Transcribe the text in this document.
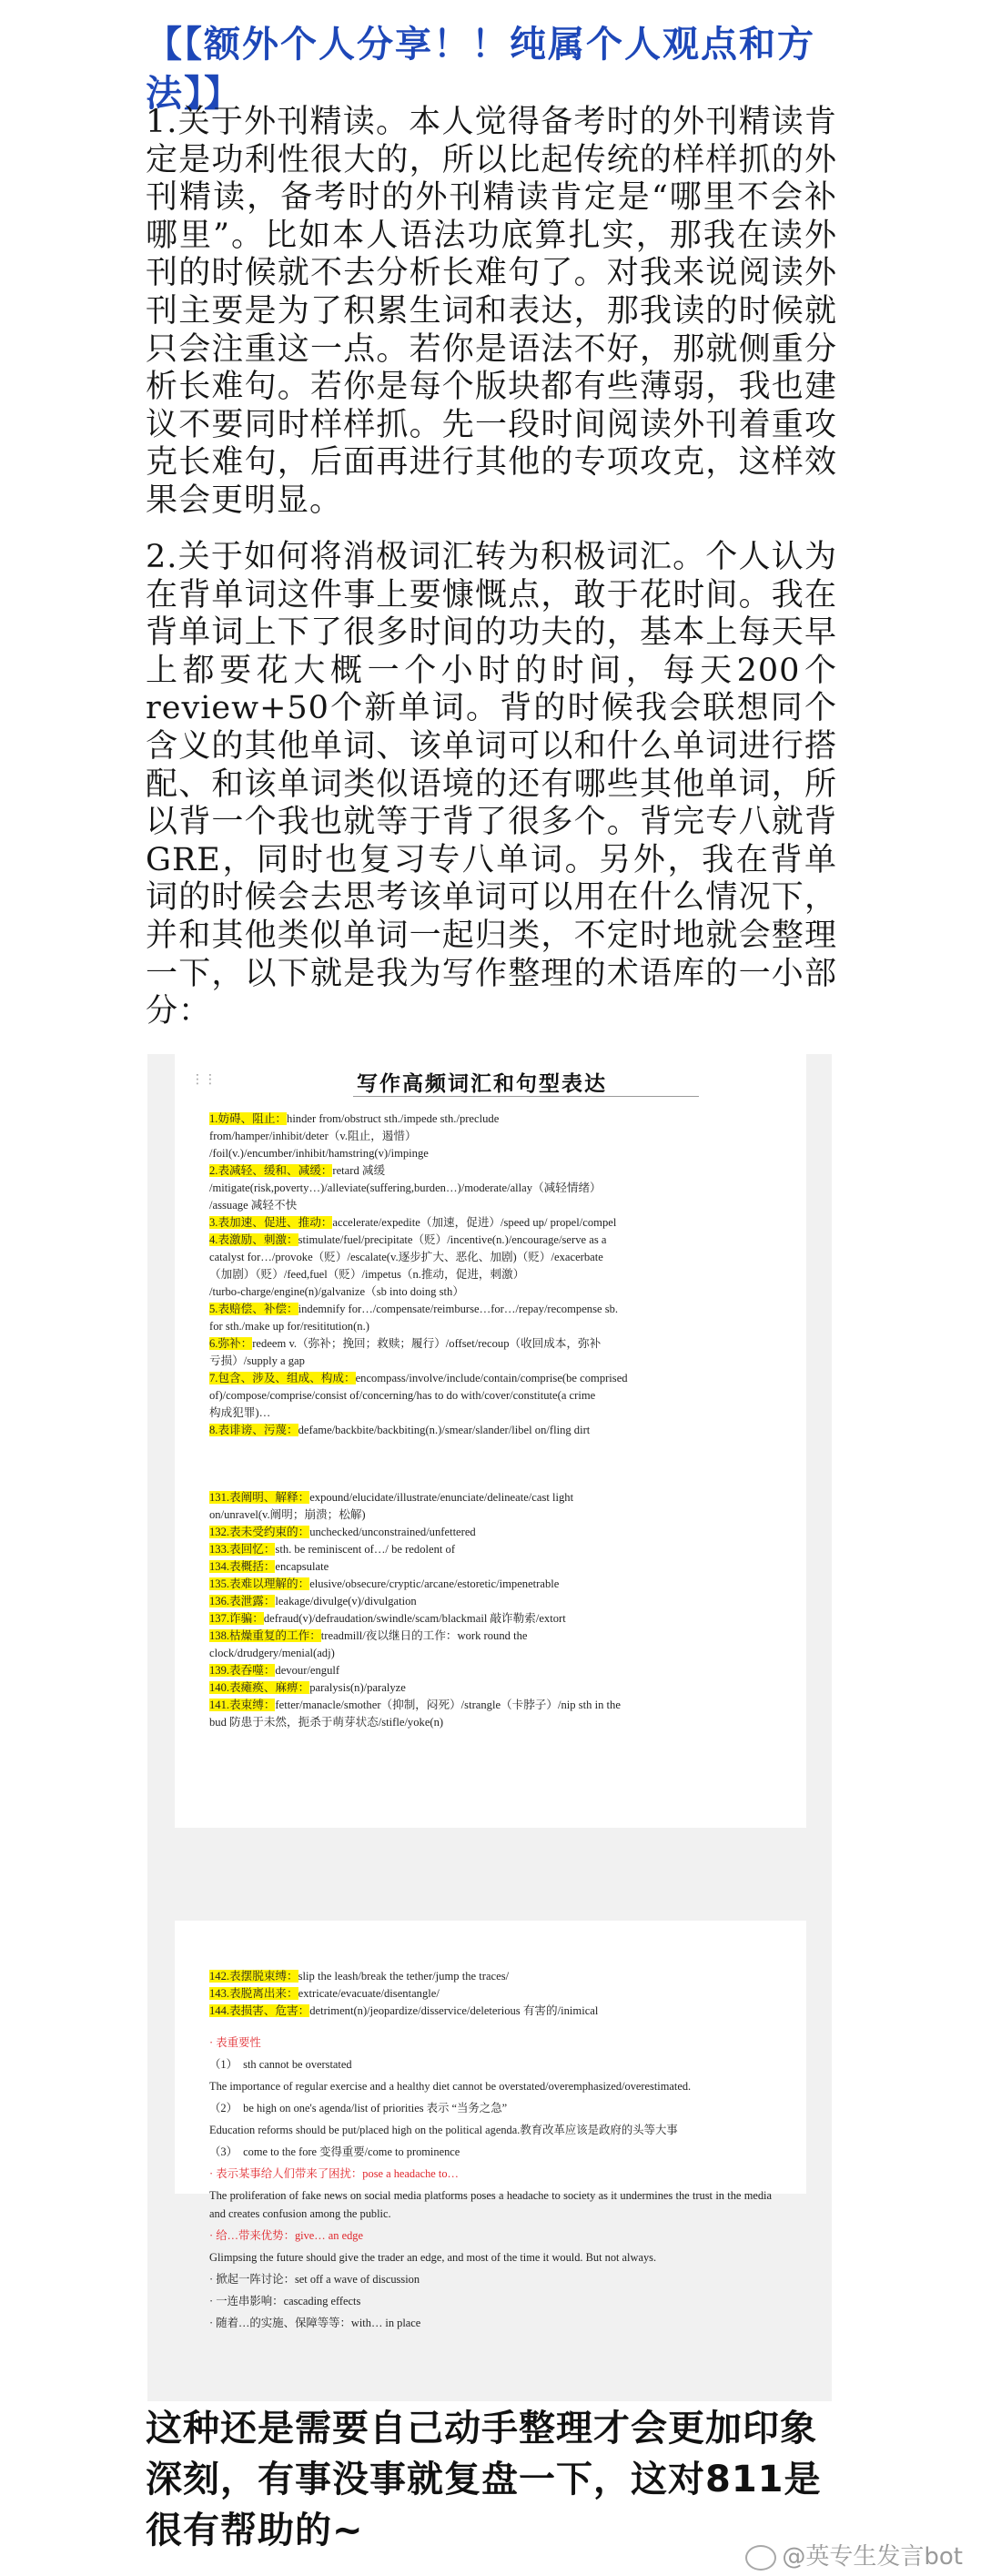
【【额外个人分享！！纯属个人观点和方法】】
1.关于外刊精读。本人觉得备考时的外刊精读肯定是功利性很大的，所以比起传统的样样抓的外刊精读，备考时的外刊精读肯定是“哪里不会补哪里”。比如本人语法功底算扎实，那我在读外刊的时候就不去分析长难句了。对我来说阅读外刊主要是为了积累生词和表达，那我读的时候就只会注重这一点。若你是语法不好，那就侧重分析长难句。若你是每个版块都有些薄弱，我也建议不要同时样样抓。先一段时间阅读外刊着重攻克长难句，后面再进行其他的专项攻克，这样效果会更明显。
2.关于如何将消极词汇转为积极词汇。个人认为在背单词这件事上要慷慨点，敢于花时间。我在背单词上下了很多时间的功夫的，基本上每天早上都要花大概一个小时的时间，每天200个review+50个新单词。背的时候我会联想同个含义的其他单词、该单词可以和什么单词进行搭配、和该单词类似语境的还有哪些其他单词，所以背一个我也就等于背了很多个。背完专八就背GRE，同时也复习专八单词。另外，我在背单词的时候会去思考该单词可以用在什么情况下，并和其他类似单词一起归类，不定时地就会整理一下，以下就是我为写作整理的术语库的一小部分：
⋮⋮	写作高频词汇和句型表达
1.妨碍、阻止：hinder from/obstruct sth./impede sth./preclude
from/hamper/inhibit/deter（v.阻止，遏惜）
/foil(v.)/encumber/inhibit/hamstring(v)/impinge
2.表减轻、缓和、减缓：retard 减缓
/mitigate(risk,poverty…)/alleviate(suffering,burden…)/moderate/allay（减轻情绪）
/assuage 减轻不快
3.表加速、促进、推动：accelerate/expedite（加速，促进）/speed up/ propel/compel
4.表激励、刺激：stimulate/fuel/precipitate（贬）/incentive(n.)/encourage/serve as a
catalyst for…/provoke（贬）/escalate(v.逐步扩大、恶化、加剧)（贬）/exacerbate
（加剧）（贬）/feed,fuel（贬）/impetus（n.推动，促进，刺激）
/turbo-charge/engine(n)/galvanize（sb into doing sth）
5.表赔偿、补偿：indemnify for…/compensate/reimburse…for…/repay/recompense sb.
for sth./make up for/resititution(n.)
6.弥补：redeem v.（弥补；挽回；救赎；履行）/offset/recoup（收回成本，弥补
亏损）/supply a gap
7.包含、涉及、组成、构成：encompass/involve/include/contain/comprise(be comprised
of)/compose/comprise/consist of/concerning/has to do with/cover/constitute(a crime
构成犯罪)…
8.表诽谤、污蔑：defame/backbite/backbiting(n.)/smear/slander/libel on/fling dirt
131.表阐明、解释：expound/elucidate/illustrate/enunciate/delineate/cast light
on/unravel(v.阐明；崩溃；松解)
132.表未受约束的：unchecked/unconstrained/unfettered
133.表回忆：sth. be reminiscent of…/ be redolent of
134.表概括：encapsulate
135.表难以理解的：elusive/obsecure/cryptic/arcane/estoretic/impenetrable
136.表泄露：leakage/divulge(v)/divulgation
137.诈骗：defraud(v)/defraudation/swindle/scam/blackmail 敲诈勒索/extort
138.枯燥重复的工作：treadmill/夜以继日的工作：work round the
clock/drudgery/menial(adj)
139.表吞噬：devour/engulf
140.表瘫痪、麻痹：paralysis(n)/paralyze
141.表束缚：fetter/manacle/smother（抑制，闷死）/strangle（卡脖子）/nip sth in the
bud 防患于未然，扼杀于萌芽状态/stifle/yoke(n)
142.表摆脱束缚：slip the leash/break the tether/jump the traces/
143.表脱离出来：extricate/evacuate/disentangle/
144.表损害、危害：detriment(n)/jeopardize/disservice/deleterious 有害的/inimical
· 表重要性
（1）　sth cannot be overstated
The importance of regular exercise and a healthy diet cannot be overstated/overemphasized/overestimated.
（2）　be high on one's agenda/list of priorities 表示 “当务之急”
Education reforms should be put/placed high on the political agenda.教育改革应该是政府的头等大事
（3）　come to the fore 变得重要/come to prominence
· 表示某事给人们带来了困扰：pose a headache to…
The proliferation of fake news on social media platforms poses a headache to society as it undermines the trust in the media and creates confusion among the public.
· 给…带来优势：give… an edge
Glimpsing the future should give the trader an edge, and most of the time it would. But not always.
· 掀起一阵讨论：set off a wave of discussion
· 一连串影响：cascading effects
· 随着…的实施、保障等等：with… in place
这种还是需要自己动手整理才会更加印象深刻，有事没事就复盘一下，这对811是很有帮助的~
@英专生发言bot
